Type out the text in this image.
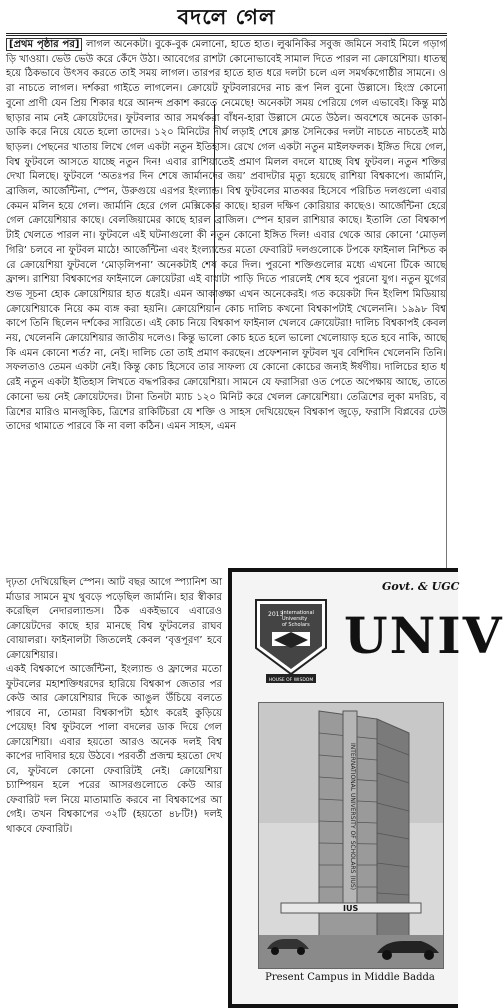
বদলে গেল

[প্রথম পৃষ্ঠার পর] লাগল অনেকটা। বুকে-বুক মেলানো, হাতে হাত। লুঝনিকির সবুজ জমিনে সবাই মিলে গড়াগড়ি খাওয়া। ভেউ ভেউ করে কেঁদে উঠা। আবেগের রাশটা কোনোভাবেই সামাল দিতে পারল না ক্রোয়েশিয়া। ধাতস্থ হয়ে ঠিকভাবে উৎসব করতে তাই সময় লাগল। তারপর হাতে হাত ধরে দলটা চলে এল সমর্থকগোষ্ঠীর সামনে। ওরা নাচতে লাগল। দর্শকরা গাইতে লাগলেন। ক্রোয়েট ফুটবলারদের নাচ রূপ নিল বুনো উল্লাসে। হিংস্র কোনো বুনো প্রাণী যেন প্রিয় শিকার ধরে আনন্দ প্রকাশ করতে নেমেছে! অনেকটা সময় পেরিয়ে গেল এভাবেই। কিন্তু মাঠ ছাড়ার নাম নেই ক্রোয়েটদের। ফুটবলার আর সমর্থকরা বাঁধন-হারা উল্লাসে মেতে উঠল। অবশেষে অনেক ডাকা-ডাকি করে নিয়ে যেতে হলো তাদের। ১২০ মিনিটের দীর্ঘ লড়াই শেষে ক্লান্ত সৈনিকের দলটা নাচতে নাচতেই মাঠ ছাড়ল। পেছনের খাতায় লিখে গেল একটা নতুন ইতিহাস। রেখে গেল একটা নতুন মাইলফলক। ইঙ্গিত দিয়ে গেল, বিশ্ব ফুটবলে আসতে যাচ্ছে নতুন দিন! এবার রাশিয়াতেই প্রমাণ মিলল বদলে যাচ্ছে বিশ্ব ফুটবল। নতুন শক্তির দেখা মিলছে। ফুটবলে ‘অতঃপর দিন শেষে জার্মানদের জয়’ প্রবাদটার মৃত্যু হয়েছে রাশিয়া বিশ্বকাপে। জার্মানি, ব্রাজিল, আর্জেন্টিনা, স্পেন, উরুগুয়ে এরপর ইংল্যান্ড। বিশ্ব ফুটবলের মাতব্বর হিসেবে পরিচিত দলগুলো এবার কেমন মলিন হয়ে গেল। জার্মানি হেরে গেল মেক্সিকোর কাছে। হারল দক্ষিণ কোরিয়ার কাছেও। আর্জেন্টিনা হেরে গেল ক্রোয়েশিয়ার কাছে। বেলজিয়ামের কাছে হারল ব্রাজিল। স্পেন হারল রাশিয়ার কাছে। ইতালি তো বিশ্বকাপটাই খেলতে পারল না। ফুটবলে এই ঘটনাগুলো কী নতুন কোনো ইঙ্গিত দিল! এবার থেকে আর কোনো ‘মোড়লগিরি’ চলবে না ফুটবল মাঠে! আর্জেন্টিনা এবং ইংল্যান্ডের মতো ফেবারিট দলগুলোকে টপকে ফাইনাল নিশ্চিত করে ক্রোয়েশিয়া ফুটবলে ‘মোড়লিপনা’ অনেকটাই শেষ করে দিল। পুরনো শক্তিগুলোর মধ্যে এখনো টিকে আছে ফ্রান্স। রাশিয়া বিশ্বকাপের ফাইনালে ক্রোয়েটরা এই বাধাটা পাড়ি দিতে পারলেই শেষ হবে পুরনো যুগ। নতুন যুগের শুভ সূচনা হোক ক্রোয়েশিয়ার হাত ধরেই। এমন আকাঙ্ক্ষা এখন অনেকেরই। গত কয়েকটা দিন ইংলিশ মিডিয়ায় ক্রোয়েশিয়াকে নিয়ে কম ব্যঙ্গ করা হয়নি। ক্রোয়েশিয়ান কোচ দালিচ কখনো বিশ্বকাপটাই খেলেননি। ১৯৯৮ বিশ্বকাপে তিনি ছিলেন দর্শকের সারিতে। এই কোচ নিয়ে বিশ্বকাপ ফাইনাল খেলবে ক্রোয়েটরা! দালিচ বিশ্বকাপই কেবল নয়, খেলেননি ক্রোয়েশিয়ার জাতীয় দলেও। কিন্তু ভালো কোচ হতে হলে ভালো খেলোয়াড় হতে হবে নাকি, আছে কি এমন কোনো শর্ত? না, নেই। দালিচ তো তাই প্রমাণ করছেন। প্রফেশনাল ফুটবল খুব বেশিদিন খেলেননি তিনি। সফলতাও তেমন একটা নেই। কিন্তু কোচ হিসেবে তার সাফল্য যে কোনো কোচের জন্যই ঈর্ষণীয়। দালিচের হাত ধরেই নতুন একটা ইতিহাস লিখতে বদ্ধপরিকর ক্রোয়েশিয়া। সামনে যে ফরাসিরা ওত পেতে অপেক্ষায় আছে, তাতে কোনো ভয় নেই ক্রোয়েটদের। টানা তিনটা ম্যাচ ১২০ মিনিট করে খেলল ক্রোয়েশিয়া। তেত্রিশের লুকা মদরিচ, বত্রিশের মারিও মানজুকিচ, ত্রিশের রাকিটিচরা যে শক্তি ও সাহস দেখিয়েছেন বিশ্বকাপ জুড়ে, ফরাসি বিপ্লবের ঢেউ তাদের থামাতে পারবে কি না বলা কঠিন। এমন সাহস, এমন

দৃঢ়তা দেখিয়েছিল স্পেন। আট বছর আগে স্প্যানিশ আর্মাডার সামনে মুখ থুবড়ে পড়েছিল জার্মানি। হার স্বীকার করেছিল নেদারল্যান্ডস। ঠিক একইভাবে এবারেও ক্রোয়েটদের কাছে হার মানছে বিশ্ব ফুটবলের রাঘববোয়ালরা। ফাইনালটা জিতলেই কেবল ‘বৃত্তপূরণ’ হবে ক্রোয়েশিয়ার।
একই বিশ্বকাপে আর্জেন্টিনা, ইংল্যান্ড ও ফ্রান্সের মতো ফুটবলের মহাশক্তিধরদের হারিয়ে বিশ্বকাপ জেতার পর কেউ আর ক্রোয়েশিয়ার দিকে আঙুল উঁচিয়ে বলতে পারবে না, তোমরা বিশ্বকাপটা হঠাৎ করেই কুড়িয়ে পেয়েছ! বিশ্ব ফুটবলে পালা বদলের ডাক দিয়ে গেল ক্রোয়েশিয়া। এবার হয়তো আরও অনেক দলই বিশ্বকাপের দাবিদার হয়ে উঠবে। পরবর্তী প্রজন্ম হয়তো দেখবে, ফুটবলে কোনো ফেবারিটই নেই। ক্রোয়েশিয়া চ্যাম্পিয়ন হলে পরের আসরগুলোতে কেউ আর ফেবারিট দল নিয়ে মাতামাতি করবে না বিশ্বকাপের আগেই। তখন বিশ্বকাপের ৩২টি (হয়তো ৪৮টি!) দলই থাকবে ফেবারিট।

Govt. & UGC
2013
International
University
of Scholars
HOUSE OF WISDOM
UNIV
INTERNATIONAL UNIVERSITY OF SCHOLARS (IUS)
IUS
Present Campus in Middle Badda
